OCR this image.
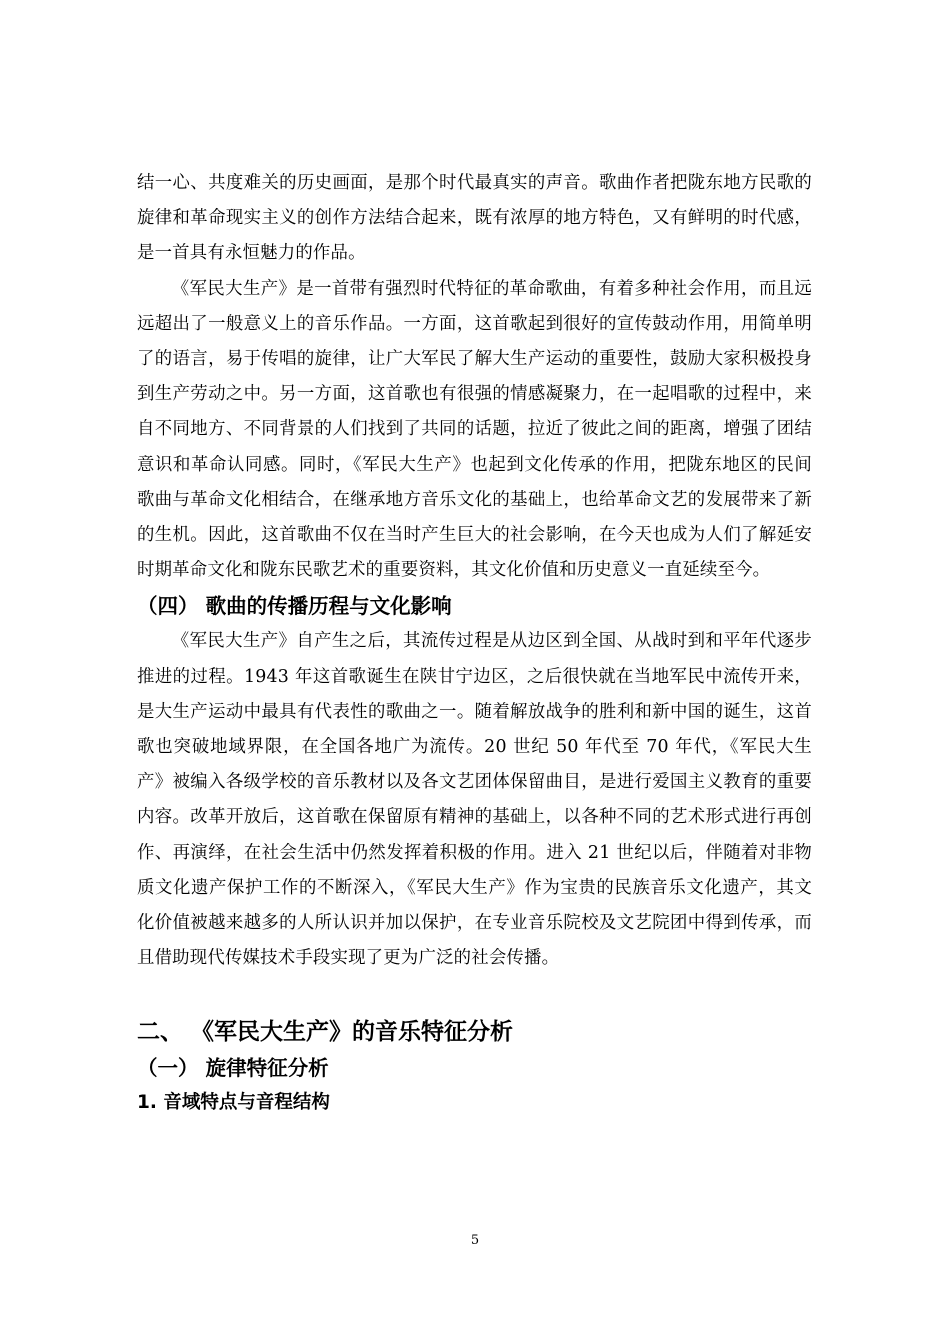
结一心、共度难关的历史画面，是那个时代最真实的声音。歌曲作者把陇东地方民歌的旋律和革命现实主义的创作方法结合起来，既有浓厚的地方特色，又有鲜明的时代感，是一首具有永恒魅力的作品。

《军民大生产》是一首带有强烈时代特征的革命歌曲，有着多种社会作用，而且远远超出了一般意义上的音乐作品。一方面，这首歌起到很好的宣传鼓动作用，用简单明了的语言，易于传唱的旋律，让广大军民了解大生产运动的重要性，鼓励大家积极投身到生产劳动之中。另一方面，这首歌也有很强的情感凝聚力，在一起唱歌的过程中，来自不同地方、不同背景的人们找到了共同的话题，拉近了彼此之间的距离，增强了团结意识和革命认同感。同时，《军民大生产》也起到文化传承的作用，把陇东地区的民间歌曲与革命文化相结合，在继承地方音乐文化的基础上，也给革命文艺的发展带来了新的生机。因此，这首歌曲不仅在当时产生巨大的社会影响，在今天也成为人们了解延安时期革命文化和陇东民歌艺术的重要资料，其文化价值和历史意义一直延续至今。

（四） 歌曲的传播历程与文化影响

《军民大生产》自产生之后，其流传过程是从边区到全国、从战时到和平年代逐步推进的过程。1943 年这首歌诞生在陕甘宁边区，之后很快就在当地军民中流传开来，是大生产运动中最具有代表性的歌曲之一。随着解放战争的胜利和新中国的诞生，这首歌也突破地域界限，在全国各地广为流传。20 世纪 50 年代至 70 年代，《军民大生产》被编入各级学校的音乐教材以及各文艺团体保留曲目，是进行爱国主义教育的重要内容。改革开放后，这首歌在保留原有精神的基础上，以各种不同的艺术形式进行再创作、再演绎，在社会生活中仍然发挥着积极的作用。进入 21 世纪以后，伴随着对非物质文化遗产保护工作的不断深入，《军民大生产》作为宝贵的民族音乐文化遗产，其文化价值被越来越多的人所认识并加以保护，在专业音乐院校及文艺院团中得到传承，而且借助现代传媒技术手段实现了更为广泛的社会传播。

二、 《军民大生产》的音乐特征分析
（一） 旋律特征分析
1. 音域特点与音程结构
5
